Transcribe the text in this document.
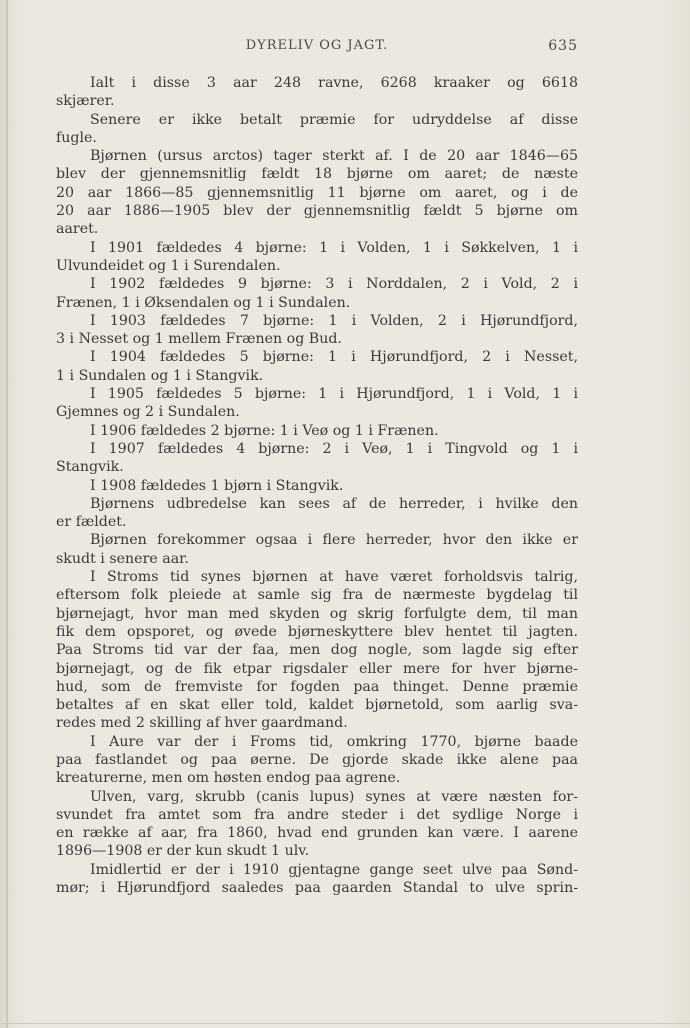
DYRELIV OG JAGT.	635
Ialt i disse 3 aar 248 ravne, 6268 kraaker og 6618
skjærer.
Senere er ikke betalt præmie for udryddelse af disse
fugle.
Bjørnen (ursus arctos) tager sterkt af. I de 20 aar 1846—65
blev der gjennemsnitlig fældt 18 bjørne om aaret; de næste
20 aar 1866—85 gjennemsnitlig 11 bjørne om aaret, og i de
20 aar 1886—1905 blev der gjennemsnitlig fældt 5 bjørne om
aaret.
I 1901 fældedes 4 bjørne: 1 i Volden, 1 i Søkkelven, 1 i
Ulvundeidet og 1 i Surendalen.
I 1902 fældedes 9 bjørne: 3 i Norddalen, 2 i Vold, 2 i
Frænen, 1 i Øksendalen og 1 i Sundalen.
I 1903 fældedes 7 bjørne: 1 i Volden, 2 i Hjørundfjord,
3 i Nesset og 1 mellem Frænen og Bud.
I 1904 fældedes 5 bjørne: 1 i Hjørundfjord, 2 i Nesset,
1 i Sundalen og 1 i Stangvik.
I 1905 fældedes 5 bjørne: 1 i Hjørundfjord, 1 i Vold, 1 i
Gjemnes og 2 i Sundalen.
I 1906 fældedes 2 bjørne: 1 i Veø og 1 i Frænen.
I 1907 fældedes 4 bjørne: 2 i Veø, 1 i Tingvold og 1 i
Stangvik.
I 1908 fældedes 1 bjørn i Stangvik.
Bjørnens udbredelse kan sees af de herreder, i hvilke den
er fældet.
Bjørnen forekommer ogsaa i flere herreder, hvor den ikke er
skudt i senere aar.
I Stroms tid synes bjørnen at have været forholdsvis talrig,
eftersom folk pleiede at samle sig fra de nærmeste bygdelag til
bjørnejagt, hvor man med skyden og skrig forfulgte dem, til man
fik dem opsporet, og øvede bjørneskyttere blev hentet til jagten.
Paa Stroms tid var der faa, men dog nogle, som lagde sig efter
bjørnejagt, og de fik etpar rigsdaler eller mere for hver bjørne-
hud, som de fremviste for fogden paa thinget. Denne præmie
betaltes af en skat eller told, kaldet bjørnetold, som aarlig sva-
redes med 2 skilling af hver gaardmand.
I Aure var der i Froms tid, omkring 1770, bjørne baade
paa fastlandet og paa øerne. De gjorde skade ikke alene paa
kreaturerne, men om høsten endog paa agrene.
Ulven, varg, skrubb (canis lupus) synes at være næsten for-
svundet fra amtet som fra andre steder i det sydlige Norge i
en række af aar, fra 1860, hvad end grunden kan være. I aarene
1896—1908 er der kun skudt 1 ulv.
Imidlertid er der i 1910 gjentagne gange seet ulve paa Sønd-
mør; i Hjørundfjord saaledes paa gaarden Standal to ulve sprin-
